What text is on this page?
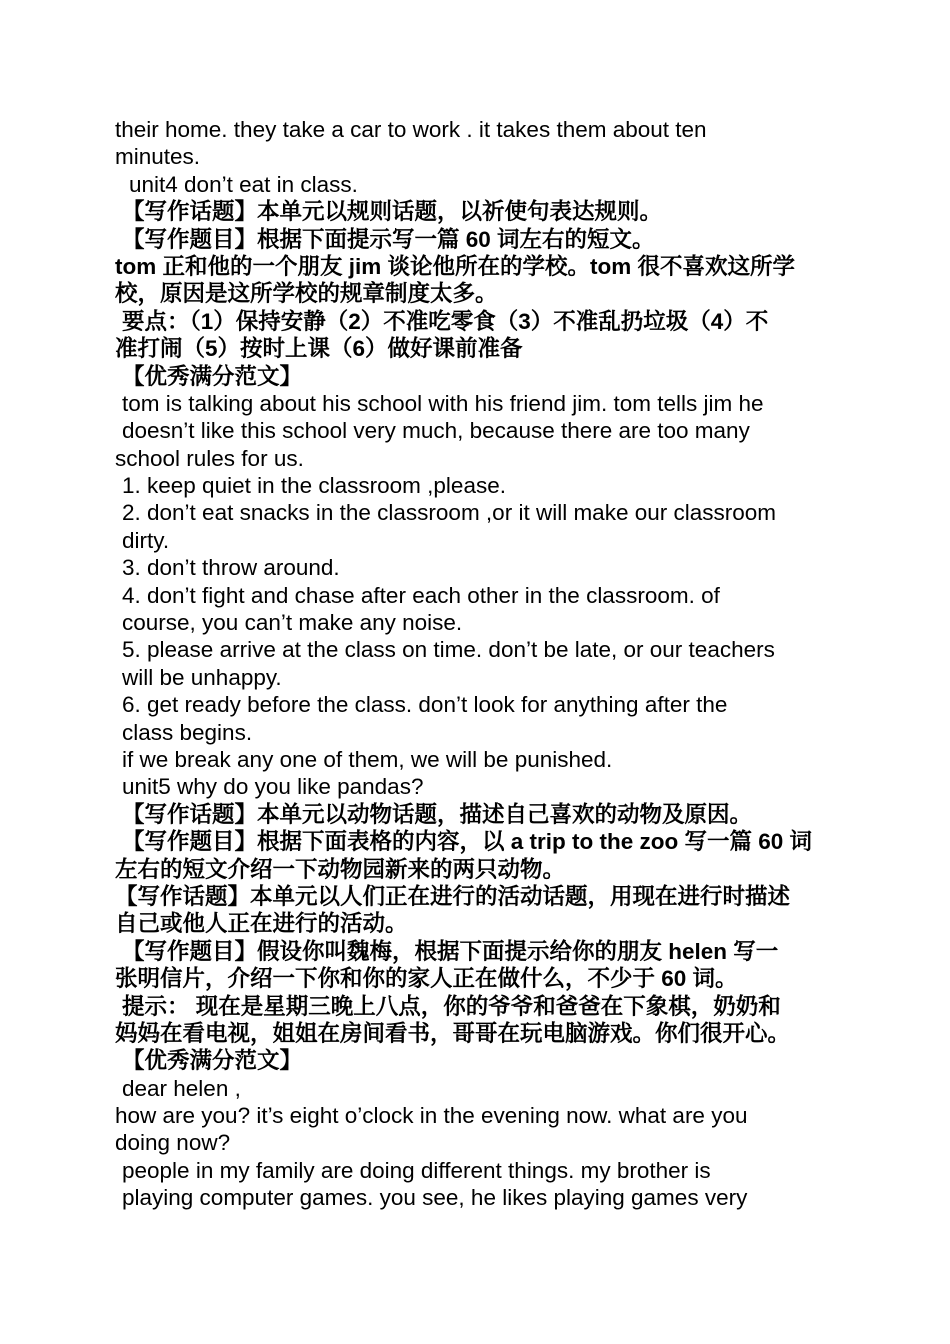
their home. they take a car to work . it takes them about ten
minutes.
unit4 don’t eat in class.
【写作话题】本单元以规则话题，以祈使句表达规则。
【写作题目】根据下面提示写一篇 60 词左右的短文。
tom 正和他的一个朋友 jim 谈论他所在的学校。tom 很不喜欢这所学
校，原因是这所学校的规章制度太多。
要点：（1）保持安静（2）不准吃零食（3）不准乱扔垃圾（4）不
准打闹（5）按时上课（6）做好课前准备
【优秀满分范文】
tom is talking about his school with his friend jim. tom tells jim he
doesn’t like this school very much, because there are too many
school rules for us.
1. keep quiet in the classroom ,please.
2. don’t eat snacks in the classroom ,or it will make our classroom
dirty.
3. don’t throw around.
4. don’t fight and chase after each other in the classroom. of
course, you can’t make any noise.
5. please arrive at the class on time. don’t be late, or our teachers
will be unhappy.
6. get ready before the class. don’t look for anything after the
class begins.
if we break any one of them, we will be punished.
unit5 why do you like pandas?
【写作话题】本单元以动物话题，描述自己喜欢的动物及原因。
【写作题目】根据下面表格的内容，以 a trip to the zoo 写一篇 60 词
左右的短文介绍一下动物园新来的两只动物。
【写作话题】本单元以人们正在进行的活动话题，用现在进行时描述
自己或他人正在进行的活动。
【写作题目】假设你叫魏梅，根据下面提示给你的朋友 helen 写一
张明信片，介绍一下你和你的家人正在做什么，不少于 60 词。
提示： 现在是星期三晚上八点，你的爷爷和爸爸在下象棋，奶奶和
妈妈在看电视，姐姐在房间看书，哥哥在玩电脑游戏。你们很开心。
【优秀满分范文】
dear helen ,
how are you? it’s eight o’clock in the evening now. what are you
doing now?
people in my family are doing different things. my brother is
playing computer games. you see, he likes playing games very
